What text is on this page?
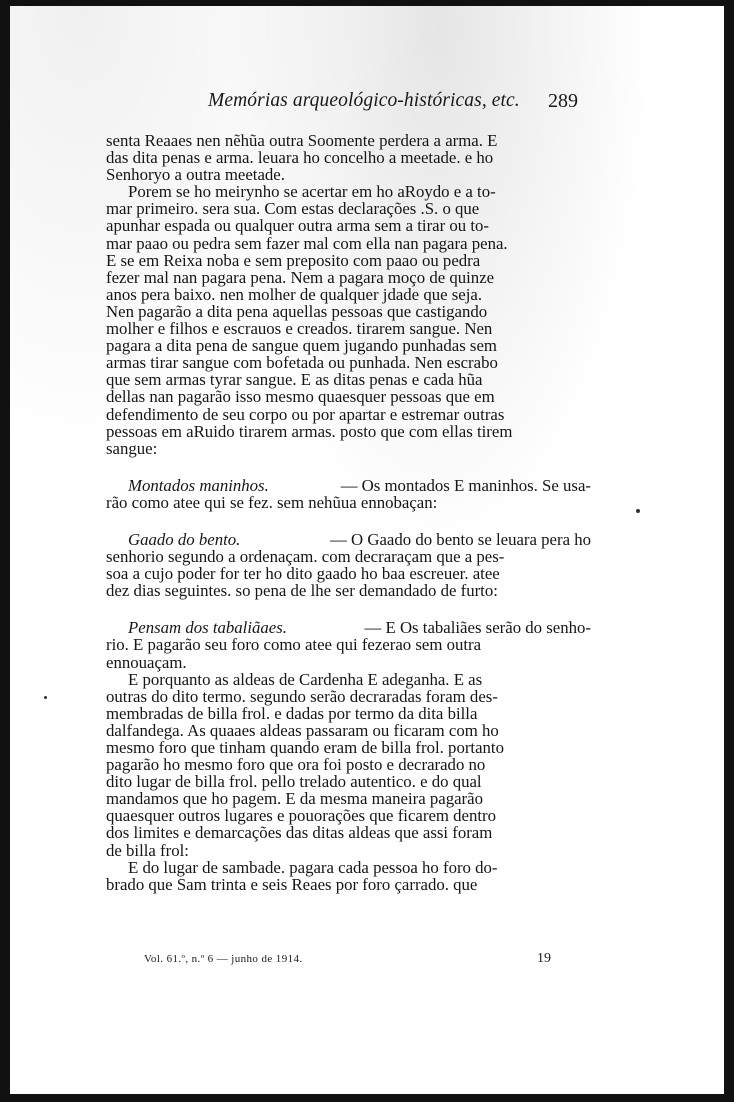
Memórias arqueológico-históricas, etc. 289
senta Reaaes nen nẽhũa outra Soomente perdera a arma. E
das dita penas e arma. leuara ho concelho a meetade. e ho
Senhoryo a outra meetade.
Porem se ho meirynho se acertar em ho aRoydo e a to-
mar primeiro. sera sua. Com estas declarações .S. o que
apunhar espada ou qualquer outra arma sem a tirar ou to-
mar paao ou pedra sem fazer mal com ella nan pagara pena.
E se em Reixa noba e sem preposito com paao ou pedra
fezer mal nan pagara pena. Nem a pagara moço de quinze
anos pera baixo. nen molher de qualquer jdade que seja.
Nen pagarão a dita pena aquellas pessoas que castigando
molher e filhos e escrauos e creados. tirarem sangue. Nen
pagara a dita pena de sangue quem jugando punhadas sem
armas tirar sangue com bofetada ou punhada. Nen escrabo
que sem armas tyrar sangue. E as ditas penas e cada hũa
dellas nan pagarão isso mesmo quaesquer pessoas que em
defendimento de seu corpo ou por apartar e estremar outras
pessoas em aRuido tirarem armas. posto que com ellas tirem
sangue:
Montados maninhos.	— Os montados E maninhos. Se usa-
rão como atee qui se fez. sem nehũua ennobaçan:
Gaado do bento.	— O Gaado do bento se leuara pera ho
senhorio segundo a ordenaçam. com decraraçam que a pes-
soa a cujo poder for ter ho dito gaado ho baa escreuer. atee
dez dias seguintes. so pena de lhe ser demandado de furto:
Pensam dos tabaliãaes.	— E Os tabaliães serão do senho-
rio. E pagarão seu foro como atee qui fezerao sem outra
ennouaçam.
E porquanto as aldeas de Cardenha E adeganha. E as
outras do dito termo. segundo serão decraradas foram des-
membradas de billa frol. e dadas por termo da dita billa
dalfandega. As quaaes aldeas passaram ou ficaram com ho
mesmo foro que tinham quando eram de billa frol. portanto
pagarão ho mesmo foro que ora foi posto e decrarado no
dito lugar de billa frol. pello trelado autentico. e do qual
mandamos que ho pagem. E da mesma maneira pagarão
quaesquer outros lugares e pouorações que ficarem dentro
dos limites e demarcações das ditas aldeas que assi foram
de billa frol:
E do lugar de sambade. pagara cada pessoa ho foro do-
brado que Sam trinta e seis Reaes por foro çarrado. que
Vol. 61.º, n.º 6 — junho de 1914.	19
